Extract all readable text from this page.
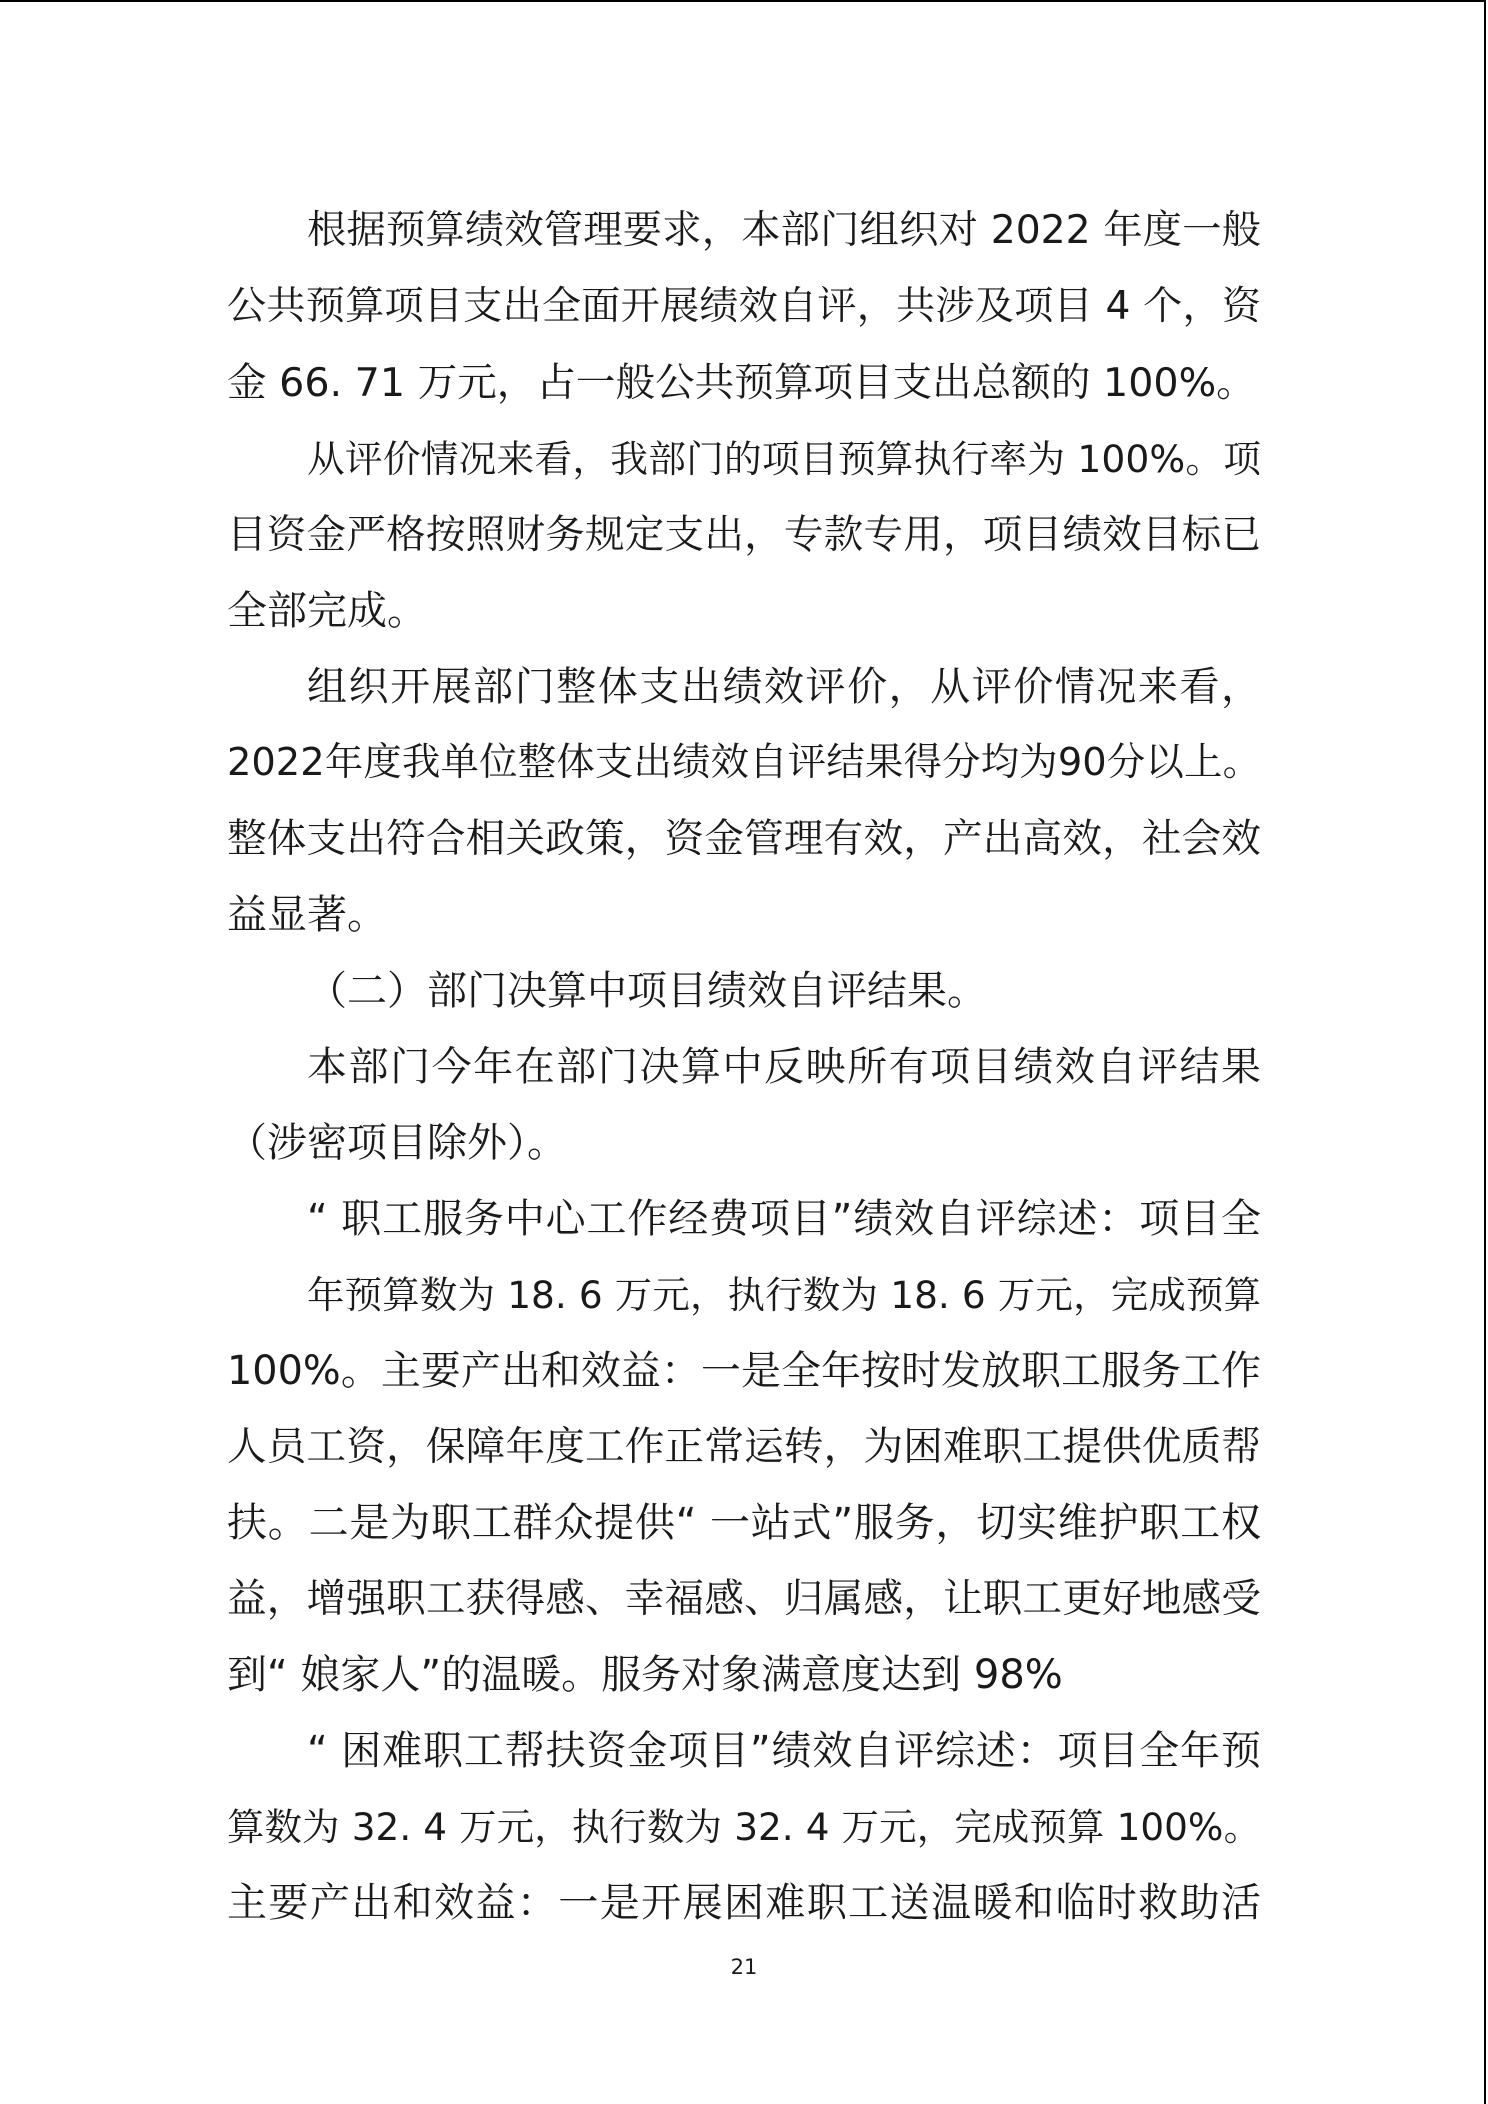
根据预算绩效管理要求，本部门组织对 2022 年度一般
公共预算项目支出全面开展绩效自评，共涉及项目 4 个，资
金 66. 71 万元，占一般公共预算项目支出总额的 100%。
从评价情况来看，我部门的项目预算执行率为 100%。项
目资金严格按照财务规定支出，专款专用，项目绩效目标已
全部完成。
组织开展部门整体支出绩效评价，从评价情况来看，
2022年度我单位整体支出绩效自评结果得分均为90分以上。
整体支出符合相关政策，资金管理有效，产出高效，社会效
益显著。
（二）部门决算中项目绩效自评结果。
本部门今年在部门决算中反映所有项目绩效自评结果
（涉密项目除外）。
“ 职工服务中心工作经费项目”绩效自评综述：项目全
年预算数为 18. 6 万元，执行数为 18. 6 万元，完成预算
100%。主要产出和效益：一是全年按时发放职工服务工作
人员工资，保障年度工作正常运转，为困难职工提供优质帮
扶。二是为职工群众提供“ 一站式”服务，切实维护职工权
益，增强职工获得感、幸福感、归属感，让职工更好地感受
到“ 娘家人”的温暖。服务对象满意度达到 98%
“ 困难职工帮扶资金项目”绩效自评综述：项目全年预
算数为 32. 4 万元，执行数为 32. 4 万元，完成预算 100%。
主要产出和效益：一是开展困难职工送温暖和临时救助活
21
